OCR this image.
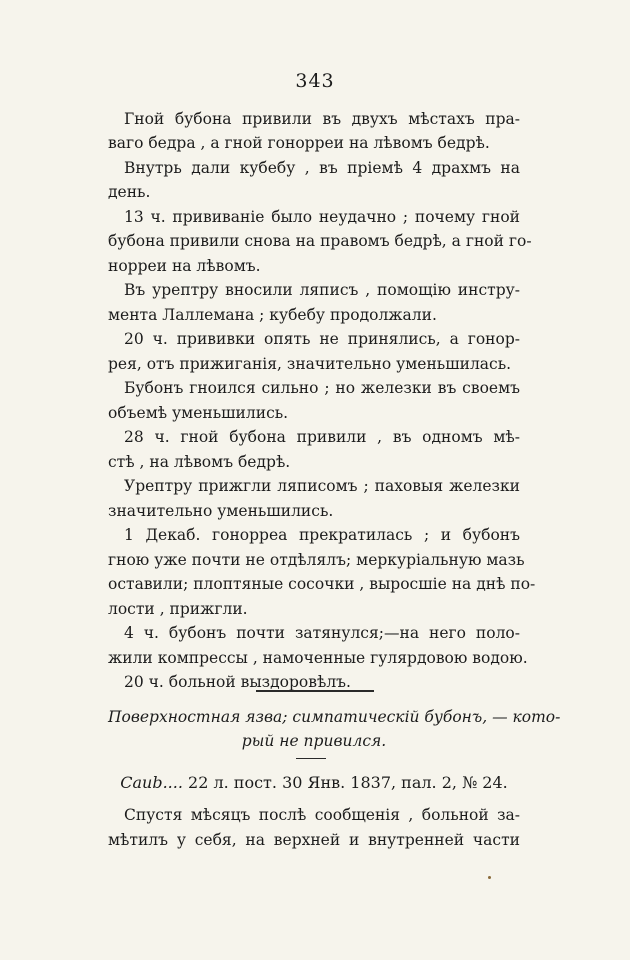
343
Гной бубона привили въ двухъ мѣстахъ пра-
ваго бедра , а гной гонорреи на лѣвомъ бедрѣ.
Внутрь дали кубебу , въ пріемѣ 4 драхмъ на
день.
13 ч. прививаніе было неудачно ; почему гной
бубона привили снова на правомъ бедрѣ, а гной го-
норреи на лѣвомъ.
Въ урептру вносили ляписъ , помощію инстру-
мента Лаллемана ; кубебу продолжали.
20 ч. прививки опять не принялись, а гонор-
рея, отъ прижиганія, значительно уменьшилась.
Бубонъ гноился сильно ; но железки въ своемъ
объемѣ уменьшились.
28 ч. гной бубона привили , въ одномъ мѣ-
стѣ , на лѣвомъ бедрѣ.
Урептру прижгли ляписомъ ; паховыя железки
значительно уменьшились.
1 Декаб. гонорреа прекратилась ; и бубонъ
гною уже почти не отдѣлялъ; меркуріальную мазь
оставили; плоптяные сосочки , выросшіе на днѣ по-
лости , прижгли.
4 ч. бубонъ почти затянулся;—на него поло-
жили компрессы , намоченные гулярдовою водою.
20 ч. больной выздоровѣлъ.
Поверхностная язва; симпатическій бубонъ, — кото-
рый не привился.
Саиb.... 22 л. пост. 30 Янв. 1837, пал. 2, № 24.
Спустя мѣсяцъ послѣ сообщенія , больной за-
мѣтилъ у себя, на верхней и внутренней части
